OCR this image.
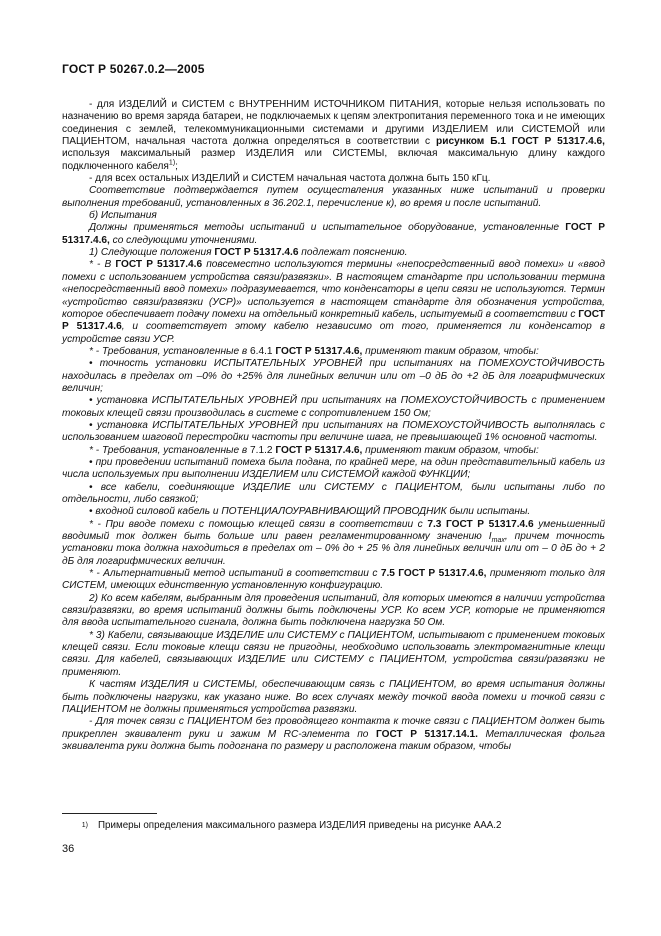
ГОСТ Р 50267.0.2—2005

- для ИЗДЕЛИЙ и СИСТЕМ с ВНУТРЕННИМ ИСТОЧНИКОМ ПИТАНИЯ, которые нельзя использовать по назначению во время заряда батареи, не подключаемых к цепям электропитания переменного тока и не имеющих соединения с землей, телекоммуникационными системами и другими ИЗДЕЛИЕМ или СИСТЕМОЙ или ПАЦИЕНТОМ, начальная частота должна определяться в соответствии с рисунком Б.1 ГОСТ Р 51317.4.6, используя максимальный размер ИЗДЕЛИЯ или СИСТЕМЫ, включая максимальную длину каждого подключенного кабеля$^{1)}$;

- для всех остальных ИЗДЕЛИЙ и СИСТЕМ начальная частота должна быть 150 кГц.

Соответствие подтверждается путем осуществления указанных ниже испытаний и проверки выполнения требований, установленных в 36.202.1, перечисление к), во время и после испытаний.

б) Испытания

Должны применяться методы испытаний и испытательное оборудование, установленные ГОСТ Р 51317.4.6, со следующими уточнениями.

1) Следующие положения ГОСТ Р 51317.4.6 подлежат пояснению.

* - В ГОСТ Р 51317.4.6 повсеместно используются термины «непосредственный ввод помехи» и «ввод помехи с использованием устройства связи/развязки». В настоящем стандарте при использовании термина «непосредственный ввод помехи» подразумевается, что конденсаторы в цепи связи не используются. Термин «устройство связи/развязки (УСР)» используется в настоящем стандарте для обозначения устройства, которое обеспечивает подачу помехи на отдельный конкретный кабель, испытуемый в соответствии с ГОСТ Р 51317.4.6, и соответствует этому кабелю независимо от того, применяется ли конденсатор в устройстве связи УСР.

* - Требования, установленные в 6.4.1 ГОСТ Р 51317.4.6, применяют таким образом, чтобы:

• точность установки ИСПЫТАТЕЛЬНЫХ УРОВНЕЙ при испытаниях на ПОМЕХОУСТОЙЧИВОСТЬ находилась в пределах от –0% до +25% для линейных величин или от –0 дБ до +2 дБ для логарифмических величин;

• установка ИСПЫТАТЕЛЬНЫХ УРОВНЕЙ при испытаниях на ПОМЕХОУСТОЙЧИВОСТЬ с применением токовых клещей связи производилась в системе с сопротивлением 150 Ом;

• установка ИСПЫТАТЕЛЬНЫХ УРОВНЕЙ при испытаниях на ПОМЕХОУСТОЙЧИВОСТЬ выполнялась с использованием шаговой перестройки частоты при величине шага, не превышающей 1% основной частоты.

* - Требования, установленные в 7.1.2 ГОСТ Р 51317.4.6, применяют таким образом, чтобы:

• при проведении испытаний помеха была подана, по крайней мере, на один представительный кабель из числа используемых при выполнении ИЗДЕЛИЕМ или СИСТЕМОЙ каждой ФУНКЦИИ;

• все кабели, соединяющие ИЗДЕЛИЕ или СИСТЕМУ с ПАЦИЕНТОМ, были испытаны либо по отдельности, либо связкой;

• входной силовой кабель и ПОТЕНЦИАЛОУРАВНИВАЮЩИЙ ПРОВОДНИК были испытаны.

* - При вводе помехи с помощью клещей связи в соответствии с 7.3 ГОСТ Р 51317.4.6 уменьшенный вводимый ток должен быть больше или равен регламентированному значению $I_{max}$, причем точность установки тока должна находиться в пределах от – 0% до + 25 % для линейных величин или от – 0 дБ до + 2 дБ для логарифмических величин.

* - Альтернативный метод испытаний в соответствии с 7.5 ГОСТ Р 51317.4.6, применяют только для СИСТЕМ, имеющих единственную установленную конфигурацию.

2) Ко всем кабелям, выбранным для проведения испытаний, для которых имеются в наличии устройства связи/развязки, во время испытаний должны быть подключены УСР. Ко всем УСР, которые не применяются для ввода испытательного сигнала, должна быть подключена нагрузка 50 Ом.

* 3) Кабели, связывающие ИЗДЕЛИЕ или СИСТЕМУ с ПАЦИЕНТОМ, испытывают с применением токовых клещей связи. Если токовые клещи связи не пригодны, необходимо использовать электромагнитные клещи связи. Для кабелей, связывающих ИЗДЕЛИЕ или СИСТЕМУ с ПАЦИЕНТОМ, устройства связи/развязки не применяют.

К частям ИЗДЕЛИЯ и СИСТЕМЫ, обеспечивающим связь с ПАЦИЕНТОМ, во время испытания должны быть подключены нагрузки, как указано ниже. Во всех случаях между точкой ввода помехи и точкой связи с ПАЦИЕНТОМ не должны применяться устройства развязки.

- Для точек связи с ПАЦИЕНТОМ без проводящего контакта к точке связи с ПАЦИЕНТОМ должен быть прикреплен эквивалент руки и зажим М RC-элемента по ГОСТ Р 51317.14.1. Металлическая фольга эквивалента руки должна быть подогнана по размеру и расположена таким образом, чтобы

1) Примеры определения максимального размера ИЗДЕЛИЯ приведены на рисунке ААА.2
36
